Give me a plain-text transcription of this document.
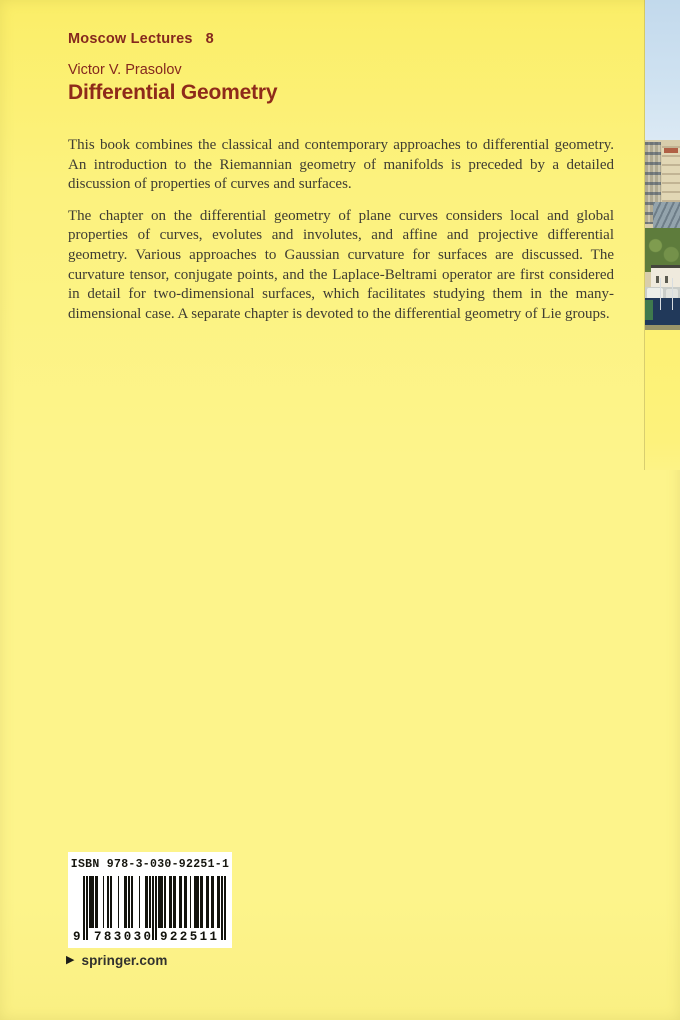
Moscow Lectures 8
Victor V. Prasolov
Differential Geometry

This book combines the classical and contemporary approaches to differential geometry. An introduction to the Riemannian geometry of manifolds is preceded by a detailed discussion of properties of curves and surfaces.

The chapter on the differential geometry of plane curves considers local and global properties of curves, evolutes and involutes, and affine and projective differential geometry. Various approaches to Gaussian curvature for surfaces are discussed. The curvature tensor, conjugate points, and the Laplace-Beltrami operator are first considered in detail for two-dimensional surfaces, which facilitates studying them in the many-dimensional case. A separate chapter is devoted to the differential geometry of Lie groups.

ISBN 978-3-030-92251-1
9 783030 922511
▶ springer.com
